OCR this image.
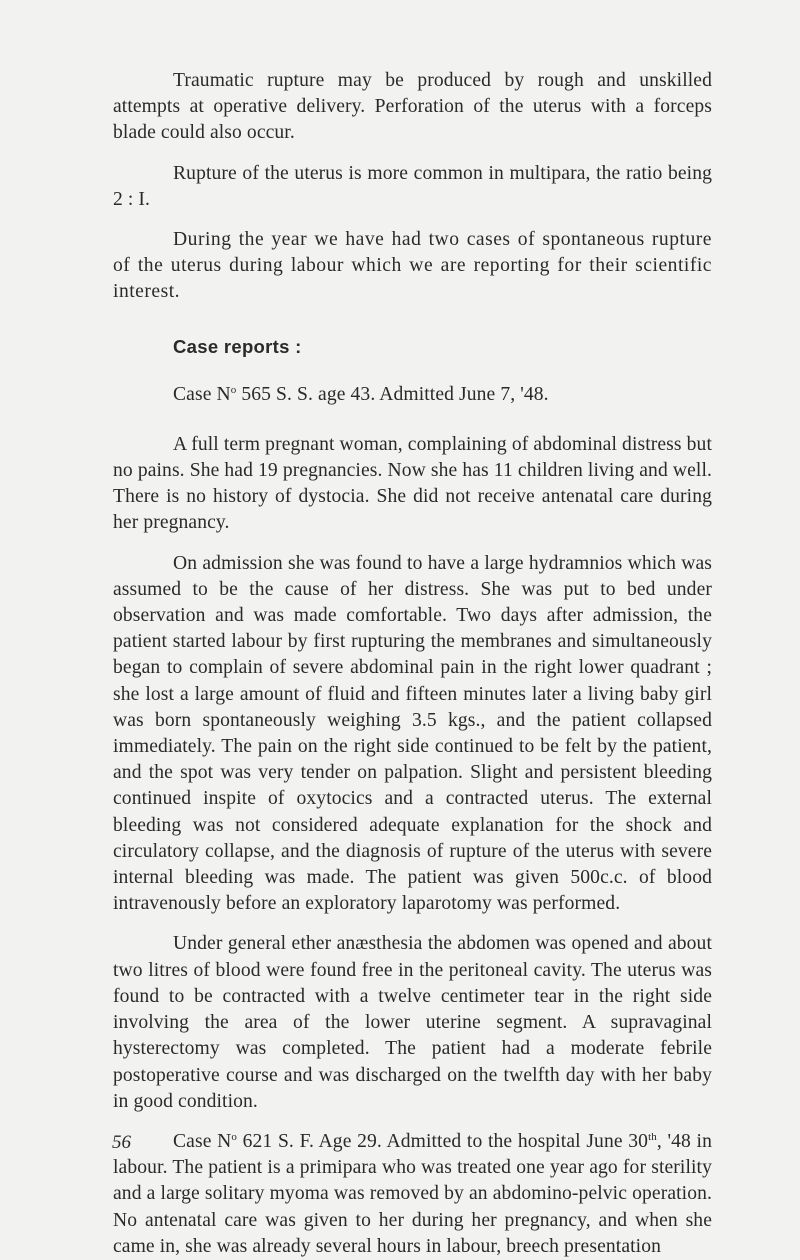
Traumatic rupture may be produced by rough and unskilled attempts at operative delivery. Perforation of the uterus with a forceps blade could also occur.

Rupture of the uterus is more common in multipara, the ratio being 2 : I.

During the year we have had two cases of spontaneous rupture of the uterus during labour which we are reporting for their scientific interest.

Case reports :

Case $N^o$ 565 S. S. age 43. Admitted June 7, '48.

A full term pregnant woman, complaining of abdominal distress but no pains. She had 19 pregnancies. Now she has 11 children living and well. There is no history of dystocia. She did not receive antenatal care during her pregnancy.

On admission she was found to have a large hydramnios which was assumed to be the cause of her distress. She was put to bed under observation and was made comfortable. Two days after admission, the patient started labour by first rupturing the membranes and simultaneously began to complain of severe abdominal pain in the right lower quadrant ; she lost a large amount of fluid and fifteen minutes later a living baby girl was born spontaneously weighing 3.5 kgs., and the patient collapsed immediately. The pain on the right side continued to be felt by the patient, and the spot was very tender on palpation. Slight and persistent bleeding continued inspite of oxytocics and a contracted uterus. The external bleeding was not considered adequate explanation for the shock and circulatory collapse, and the diagnosis of rupture of the uterus with severe internal bleeding was made. The patient was given 500c.c. of blood intravenously before an exploratory laparotomy was performed.

Under general ether anæsthesia the abdomen was opened and about two litres of blood were found free in the peritoneal cavity. The uterus was found to be contracted with a twelve centimeter tear in the right side involving the area of the lower uterine segment. A supravaginal hysterectomy was completed. The patient had a moderate febrile postoperative course and was discharged on the twelfth day with her baby in good condition.

Case $N^o$ 621 S. F. Age 29. Admitted to the hospital June 30th, '48 in labour. The patient is a primipara who was treated one year ago for sterility and a large solitary myoma was removed by an abdomino-pelvic operation. No antenatal care was given to her during her pregnancy, and when she came in, she was already several hours in labour, breech presentation

56
